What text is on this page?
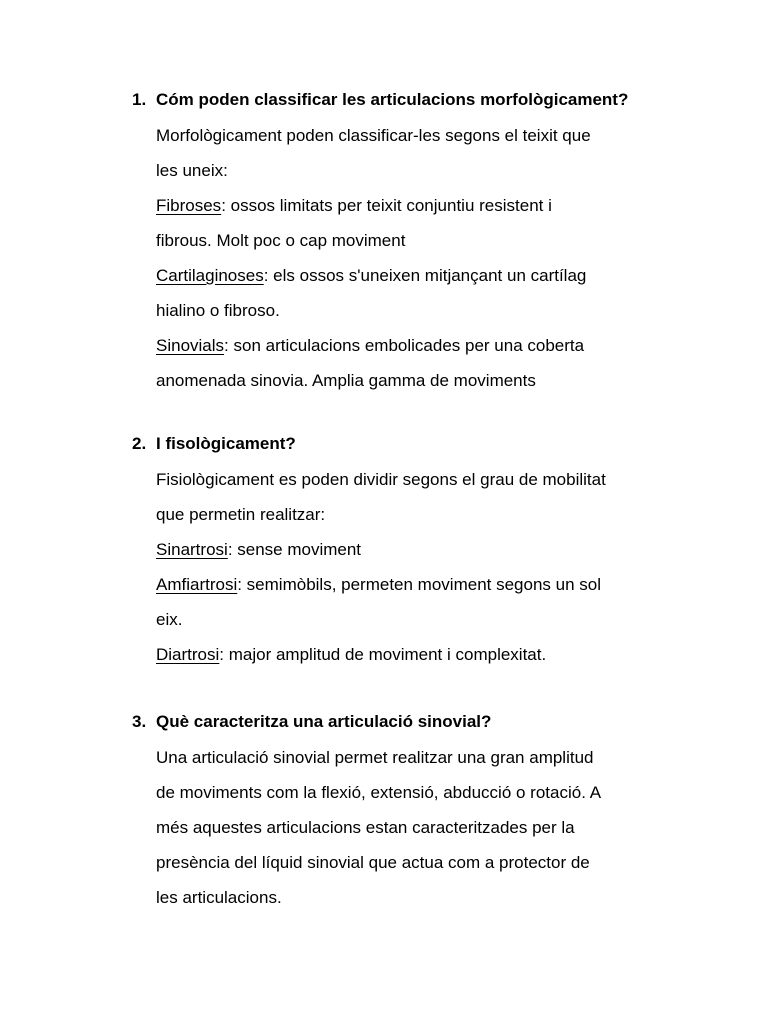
1. Cóm poden classificar les articulacions morfològicament?
Morfològicament poden classificar-les segons el teixit que
les uneix:
Fibroses: ossos limitats per teixit conjuntiu resistent i
fibrous. Molt poc o cap moviment
Cartilaginoses: els ossos s'uneixen mitjançant un cartílag
hialino o fibroso.
Sinovials: son articulacions embolicades per una coberta
anomenada sinovia. Amplia gamma de moviments
2. I fisològicament?
Fisiològicament es poden dividir segons el grau de mobilitat
que permetin realitzar:
Sinartrosi: sense moviment
Amfiartrosi: semimòbils, permeten moviment segons un sol
eix.
Diartrosi: major amplitud de moviment i complexitat.
3. Què caracteritza una articulació sinovial?
Una articulació sinovial permet realitzar una gran amplitud
de moviments com la flexió, extensió, abducció o rotació. A
més aquestes articulacions estan caracteritzades per la
presència del líquid sinovial que actua com a protector de
les articulacions.
